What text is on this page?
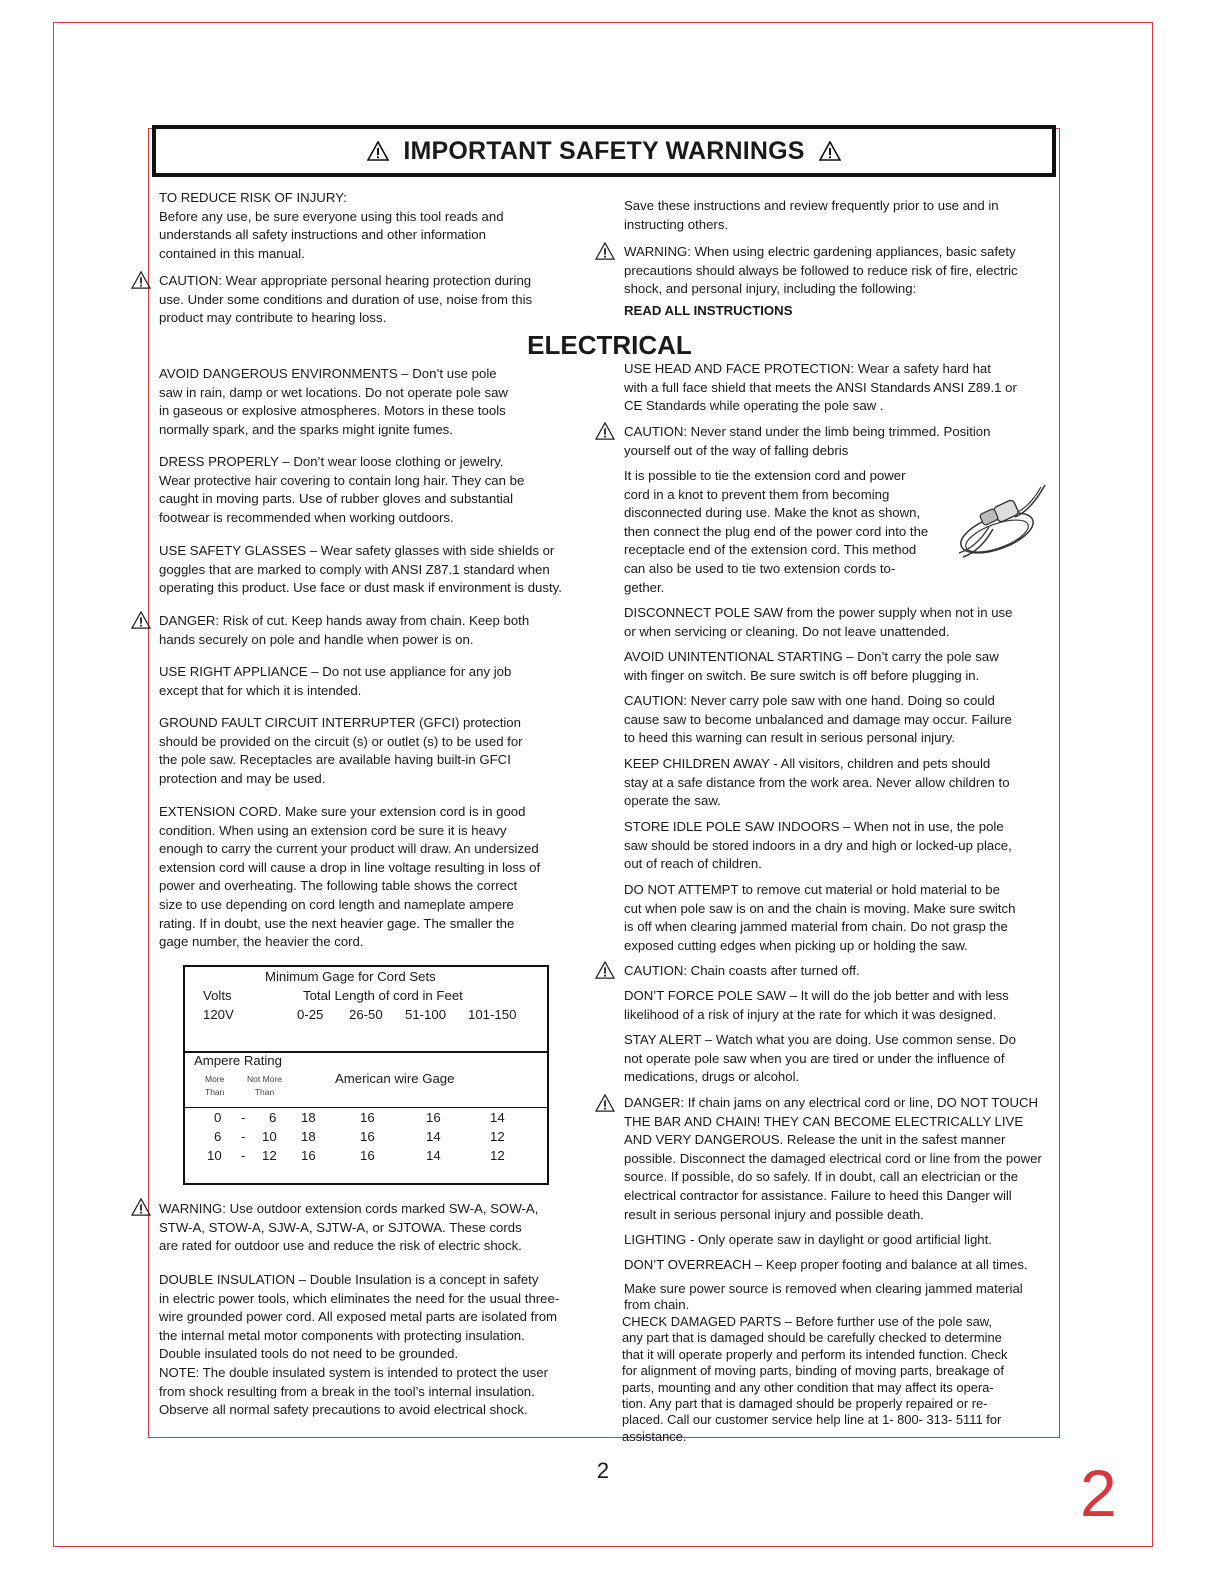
IMPORTANT SAFETY WARNINGS
ELECTRICAL
TO REDUCE RISK OF INJURY:
Before any use, be sure everyone using this tool reads and
understands all safety instructions and other information
contained in this manual.
CAUTION: Wear appropriate personal hearing protection during
use. Under some conditions and duration of use, noise from this
product may contribute to hearing loss.
AVOID DANGEROUS ENVIRONMENTS – Don’t use pole
saw in rain, damp or wet locations. Do not operate pole saw
in gaseous or explosive atmospheres. Motors in these tools
normally spark, and the sparks might ignite fumes.
DRESS PROPERLY – Don’t wear loose clothing or jewelry.
Wear protective hair covering to contain long hair. They can be
caught in moving parts. Use of rubber gloves and substantial
footwear is recommended when working outdoors.
USE SAFETY GLASSES – Wear safety glasses with side shields or
goggles that are marked to comply with ANSI Z87.1 standard when
operating this product. Use face or dust mask if environment is dusty.
DANGER: Risk of cut. Keep hands away from chain. Keep both
hands securely on pole and handle when power is on.
USE RIGHT APPLIANCE – Do not use appliance for any job
except that for which it is intended.
GROUND FAULT CIRCUIT INTERRUPTER (GFCI) protection
should be provided on the circuit (s) or outlet (s) to be used for
the pole saw. Receptacles are available having built-in GFCI
protection and may be used.
EXTENSION CORD. Make sure your extension cord is in good
condition. When using an extension cord be sure it is heavy
enough to carry the current your product will draw. An undersized
extension cord will cause a drop in line voltage resulting in loss of
power and overheating. The following table shows the correct
size to use depending on cord length and nameplate ampere
rating. If in doubt, use the next heavier gage. The smaller the
gage number, the heavier the cord.
Minimum Gage for Cord Sets
Volts	Total Length of cord in Feet
120V	0-25 26-50 51-100 101-150
Ampere Rating
More
Than
Not More
Than
American wire Gage
0 - 6 18	16	16	14
6 - 10 18	16	14	12
10 - 12 16	16	14	12
WARNING: Use outdoor extension cords marked SW-A, SOW-A,
STW-A, STOW-A, SJW-A, SJTW-A, or SJTOWA. These cords
are rated for outdoor use and reduce the risk of electric shock.
DOUBLE INSULATION – Double Insulation is a concept in safety
in electric power tools, which eliminates the need for the usual three-
wire grounded power cord. All exposed metal parts are isolated from
the internal metal motor components with protecting insulation.
Double insulated tools do not need to be grounded.
NOTE: The double insulated system is intended to protect the user
from shock resulting from a break in the tool’s internal insulation.
Observe all normal safety precautions to avoid electrical shock.
Save these instructions and review frequently prior to use and in
instructing others.
WARNING: When using electric gardening appliances, basic safety
precautions should always be followed to reduce risk of fire, electric
shock, and personal injury, including the following:
READ ALL INSTRUCTIONS
USE HEAD AND FACE PROTECTION: Wear a safety hard hat
with a full face shield that meets the ANSI Standards ANSI Z89.1 or
CE Standards while operating the pole saw .
CAUTION: Never stand under the limb being trimmed. Position
yourself out of the way of falling debris
It is possible to tie the extension cord and power
cord in a knot to prevent them from becoming
disconnected during use. Make the knot as shown,
then connect the plug end of the power cord into the
receptacle end of the extension cord. This method
can also be used to tie two extension cords to-
gether.
DISCONNECT POLE SAW from the power supply when not in use
or when servicing or cleaning. Do not leave unattended.
AVOID UNINTENTIONAL STARTING – Don’t carry the pole saw
with finger on switch. Be sure switch is off before plugging in.
CAUTION: Never carry pole saw with one hand. Doing so could
cause saw to become unbalanced and damage may occur. Failure
to heed this warning can result in serious personal injury.
KEEP CHILDREN AWAY - All visitors, children and pets should
stay at a safe distance from the work area. Never allow children to
operate the saw.
STORE IDLE POLE SAW INDOORS – When not in use, the pole
saw should be stored indoors in a dry and high or locked-up place,
out of reach of children.
DO NOT ATTEMPT to remove cut material or hold material to be
cut when pole saw is on and the chain is moving. Make sure switch
is off when clearing jammed material from chain. Do not grasp the
exposed cutting edges when picking up or holding the saw.
CAUTION: Chain coasts after turned off.
DON’T FORCE POLE SAW – It will do the job better and with less
likelihood of a risk of injury at the rate for which it was designed.
STAY ALERT – Watch what you are doing. Use common sense. Do
not operate pole saw when you are tired or under the influence of
medications, drugs or alcohol.
DANGER: If chain jams on any electrical cord or line, DO NOT TOUCH
THE BAR AND CHAIN! THEY CAN BECOME ELECTRICALLY LIVE
AND VERY DANGEROUS. Release the unit in the safest manner
possible. Disconnect the damaged electrical cord or line from the power
source. If possible, do so safely. If in doubt, call an electrician or the
electrical contractor for assistance. Failure to heed this Danger will
result in serious personal injury and possible death.
LIGHTING - Only operate saw in daylight or good artificial light.
DON’T OVERREACH – Keep proper footing and balance at all times.
Make sure power source is removed when clearing jammed material
from chain.
CHECK DAMAGED PARTS – Before further use of the pole saw,
any part that is damaged should be carefully checked to determine
that it will operate properly and perform its intended function. Check
for alignment of moving parts, binding of moving parts, breakage of
parts, mounting and any other condition that may affect its opera-
tion. Any part that is damaged should be properly repaired or re-
placed. Call our customer service help line at 1- 800- 313- 5111 for
assistance.
2	2
